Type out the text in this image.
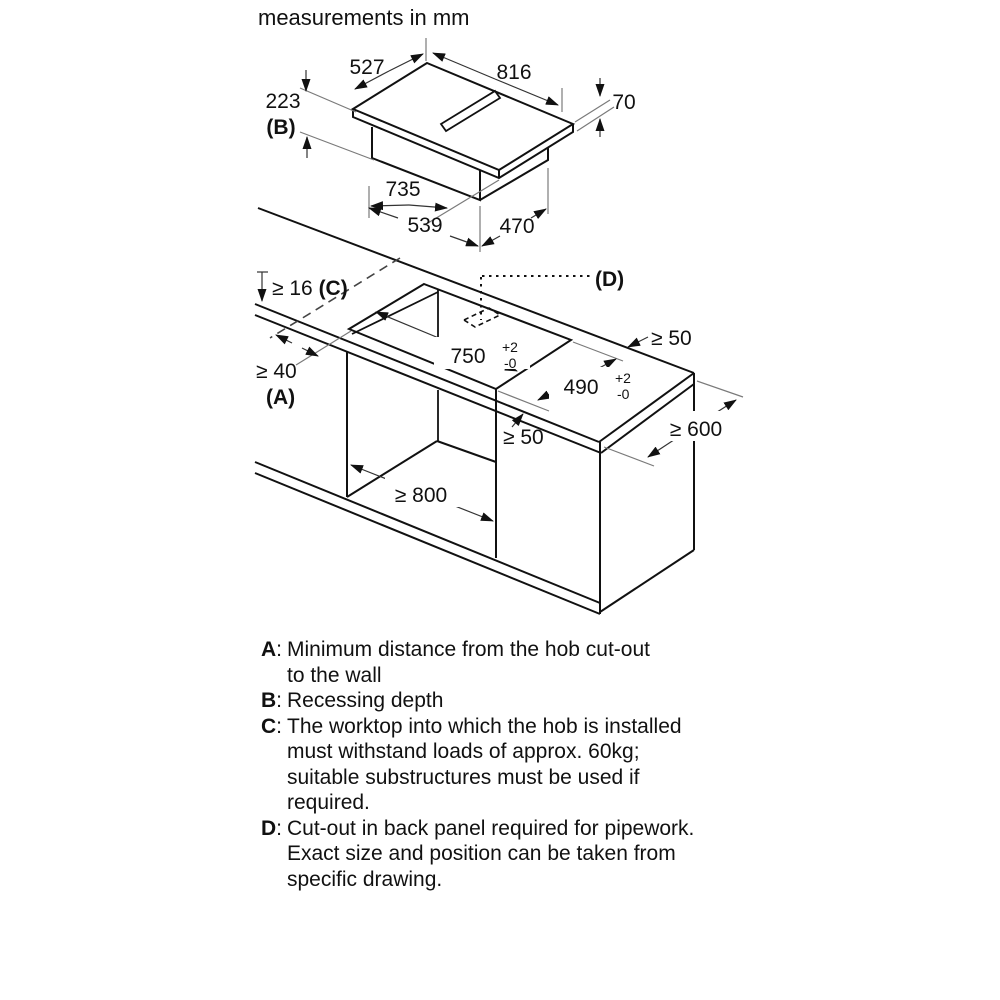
measurements in mm
527	816
223
(B)
70
735
539	470
≥ 16 (C)
≥ 40
(A)
750 +2
-0
490 +2
-0
≥ 50
≥ 50	≥ 600
≥ 800
(D)
A: Minimum distance from the hob cut-out
to the wall
B: Recessing depth
C: The worktop into which the hob is installed
must withstand loads of approx. 60kg;
suitable substructures must be used if
required.
D: Cut-out in back panel required for pipework.
Exact size and position can be taken from
specific drawing.
